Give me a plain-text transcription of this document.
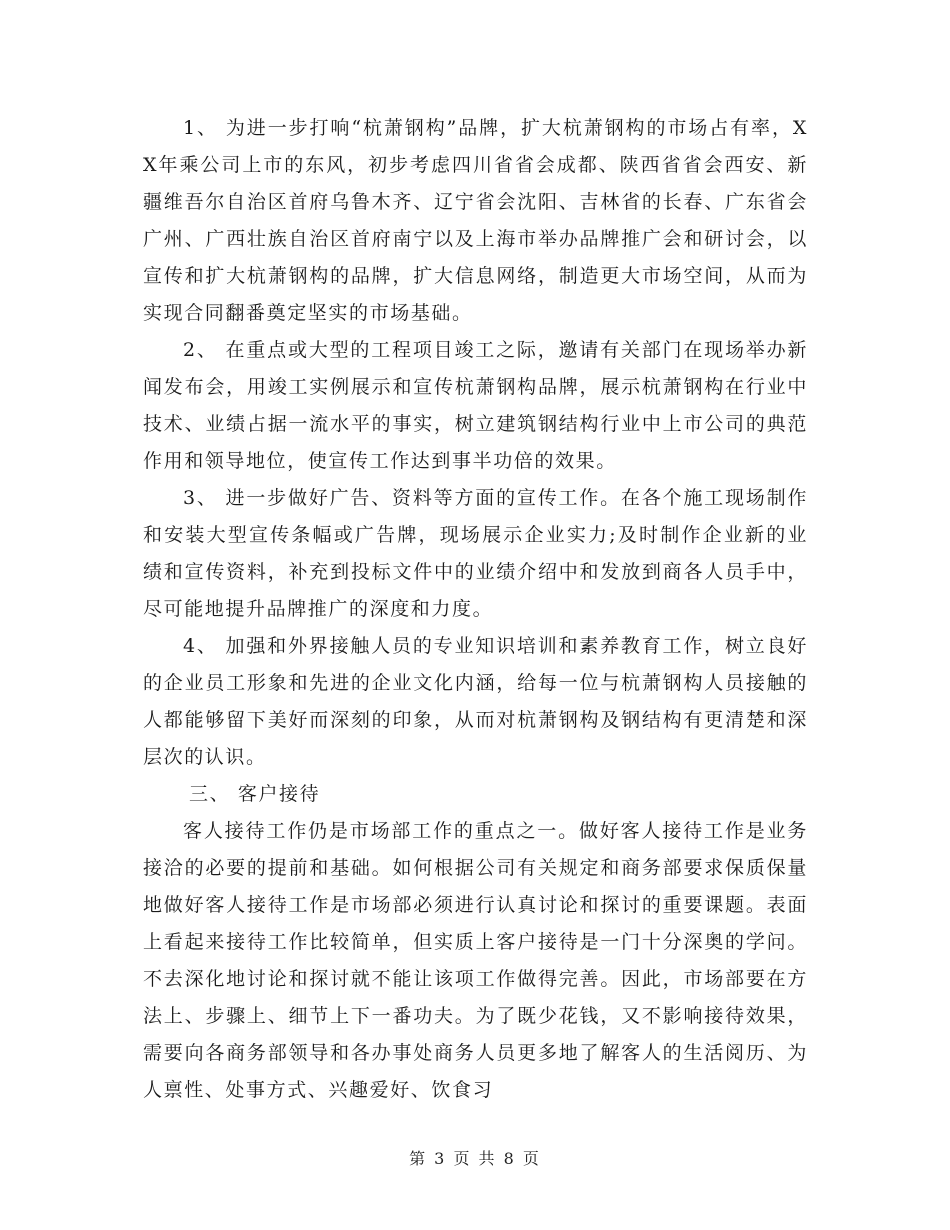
1、 为进一步打响“杭萧钢构”品牌，扩大杭萧钢构的市场占有率，XX年乘公司上市的东风，初步考虑四川省省会成都、陕西省省会西安、新疆维吾尔自治区首府乌鲁木齐、辽宁省会沈阳、吉林省的长春、广东省会广州、广西壮族自治区首府南宁以及上海市举办品牌推广会和研讨会，以宣传和扩大杭萧钢构的品牌，扩大信息网络，制造更大市场空间，从而为实现合同翻番奠定坚实的市场基础。

2、 在重点或大型的工程项目竣工之际，邀请有关部门在现场举办新闻发布会，用竣工实例展示和宣传杭萧钢构品牌，展示杭萧钢构在行业中技术、业绩占据一流水平的事实，树立建筑钢结构行业中上市公司的典范作用和领导地位，使宣传工作达到事半功倍的效果。

3、 进一步做好广告、资料等方面的宣传工作。在各个施工现场制作和安装大型宣传条幅或广告牌，现场展示企业实力;及时制作企业新的业绩和宣传资料，补充到投标文件中的业绩介绍中和发放到商各人员手中，尽可能地提升品牌推广的深度和力度。

4、 加强和外界接触人员的专业知识培训和素养教育工作，树立良好的企业员工形象和先进的企业文化内涵，给每一位与杭萧钢构人员接触的人都能够留下美好而深刻的印象，从而对杭萧钢构及钢结构有更清楚和深层次的认识。

三、 客户接待

客人接待工作仍是市场部工作的重点之一。做好客人接待工作是业务接洽的必要的提前和基础。如何根据公司有关规定和商务部要求保质保量地做好客人接待工作是市场部必须进行认真讨论和探讨的重要课题。表面上看起来接待工作比较简单，但实质上客户接待是一门十分深奥的学问。不去深化地讨论和探讨就不能让该项工作做得完善。因此，市场部要在方法上、步骤上、细节上下一番功夫。为了既少花钱，又不影响接待效果，需要向各商务部领导和各办事处商务人员更多地了解客人的生活阅历、为人禀性、处事方式、兴趣爱好、饮食习

第 3 页 共 8 页
